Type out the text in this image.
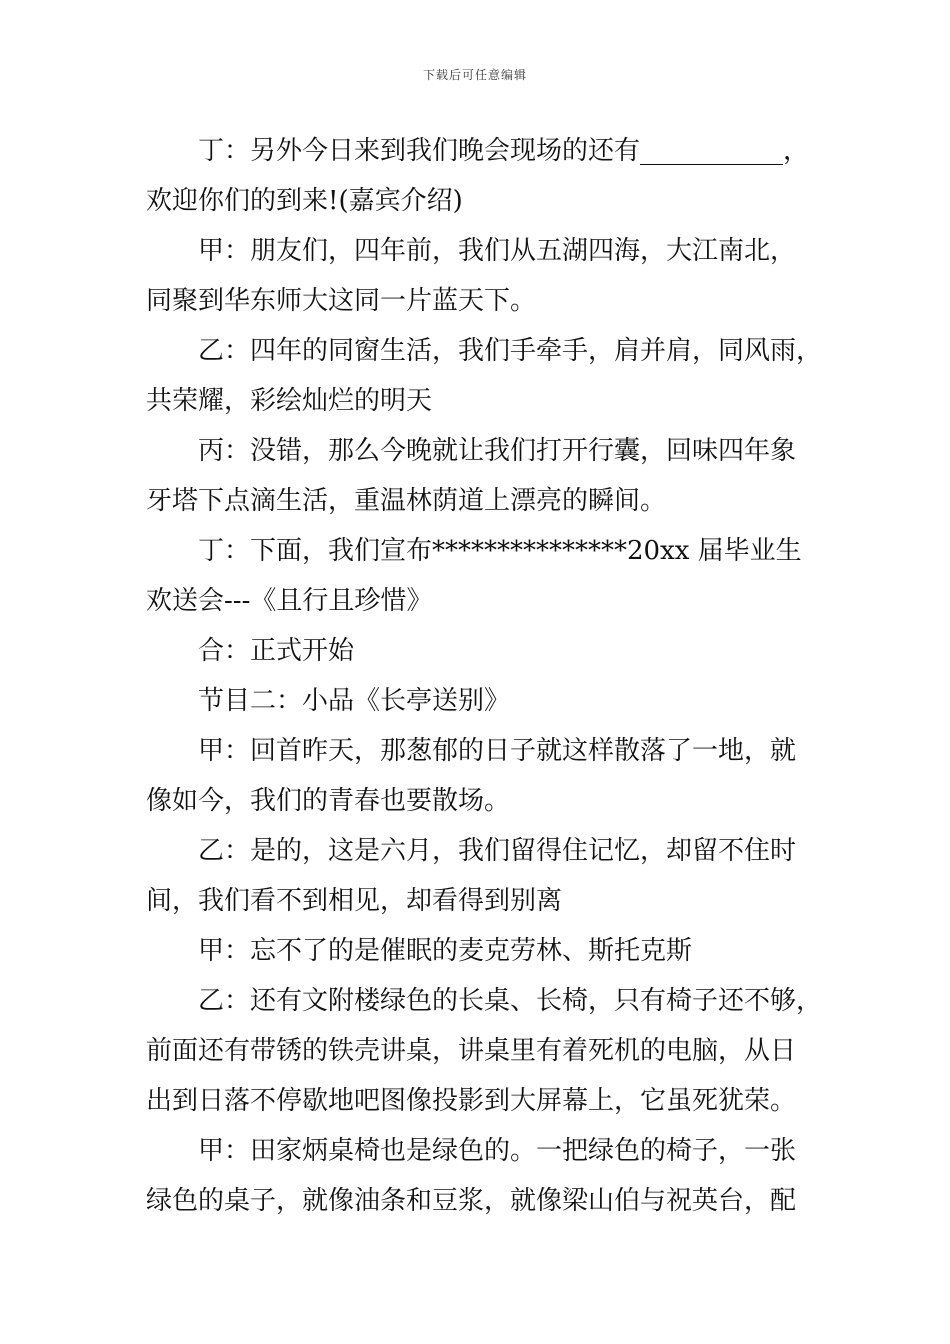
下载后可任意编辑
丁：另外今日来到我们晚会现场的还有___________，
欢迎你们的到来!(嘉宾介绍)
甲：朋友们，四年前，我们从五湖四海，大江南北，
同聚到华东师大这同一片蓝天下。
乙：四年的同窗生活，我们手牵手，肩并肩，同风雨，
共荣耀，彩绘灿烂的明天
丙：没错，那么今晚就让我们打开行囊，回味四年象
牙塔下点滴生活，重温林荫道上漂亮的瞬间。
丁：下面，我们宣布***************20xx 届毕业生
欢送会---《且行且珍惜》
合：正式开始
节目二：小品《长亭送别》
甲：回首昨天，那葱郁的日子就这样散落了一地，就
像如今，我们的青春也要散场。
乙：是的，这是六月，我们留得住记忆，却留不住时
间，我们看不到相见，却看得到别离
甲：忘不了的是催眠的麦克劳林、斯托克斯
乙：还有文附楼绿色的长桌、长椅，只有椅子还不够，
前面还有带锈的铁壳讲桌，讲桌里有着死机的电脑，从日
出到日落不停歇地吧图像投影到大屏幕上，它虽死犹荣。
甲：田家炳桌椅也是绿色的。一把绿色的椅子，一张
绿色的桌子，就像油条和豆浆，就像梁山伯与祝英台，配
